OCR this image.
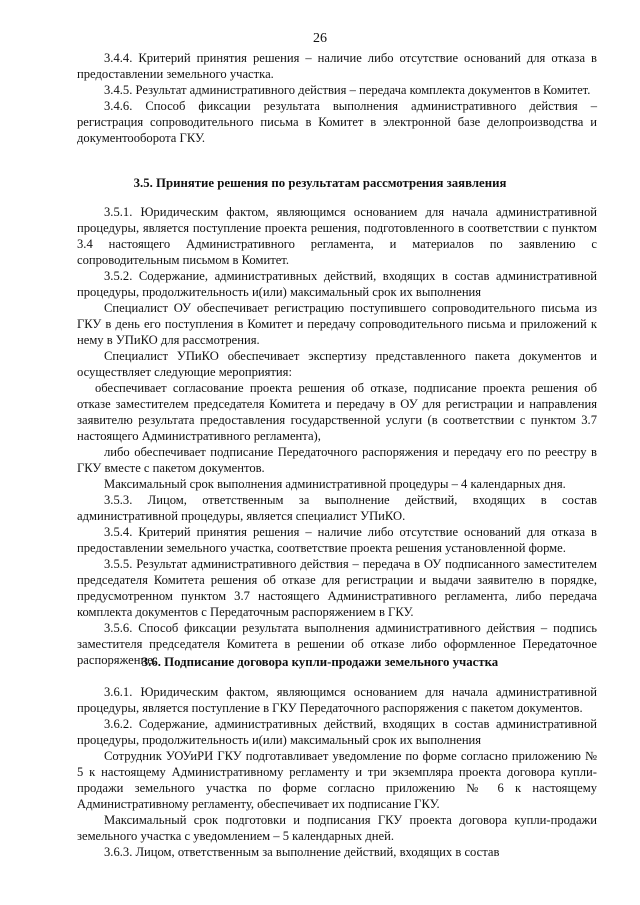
26

3.4.4. Критерий принятия решения – наличие либо отсутствие оснований для отказа в предоставлении земельного участка.

3.4.5. Результат административного действия – передача комплекта документов в Комитет.

3.4.6. Способ фиксации результата выполнения административного действия – регистрация сопроводительного письма в Комитет в электронной базе делопроизводства и документооборота ГКУ.

3.5. Принятие решения по результатам рассмотрения заявления

3.5.1. Юридическим фактом, являющимся основанием для начала административной процедуры, является поступление проекта решения, подготовленного в соответствии с пунктом 3.4 настоящего Административного регламента, и материалов по заявлению с сопроводительным письмом в Комитет.

3.5.2. Содержание, административных действий, входящих в состав административной процедуры, продолжительность и(или) максимальный срок их выполнения

Специалист ОУ обеспечивает регистрацию поступившего сопроводительного письма из ГКУ в день его поступления в Комитет и передачу сопроводительного письма и приложений к нему в УПиКО для рассмотрения.

Специалист УПиКО обеспечивает экспертизу представленного пакета документов и осуществляет следующие мероприятия:

обеспечивает согласование проекта решения об отказе, подписание проекта решения об отказе заместителем председателя Комитета и передачу в ОУ для регистрации и направления заявителю результата предоставления государственной услуги (в соответствии с пунктом 3.7 настоящего Административного регламента),

либо обеспечивает подписание Передаточного распоряжения и передачу его по реестру в ГКУ вместе с пакетом документов.

Максимальный срок выполнения административной процедуры – 4 календарных дня.

3.5.3. Лицом, ответственным за выполнение действий, входящих в состав административной процедуры, является специалист УПиКО.

3.5.4. Критерий принятия решения – наличие либо отсутствие оснований для отказа в предоставлении земельного участка, соответствие проекта решения установленной форме.

3.5.5. Результат административного действия – передача в ОУ подписанного заместителем председателя Комитета решения об отказе для регистрации и выдачи заявителю в порядке, предусмотренном пунктом 3.7 настоящего Административного регламента, либо передача комплекта документов с Передаточным распоряжением в ГКУ.

3.5.6. Способ фиксации результата выполнения административного действия – подпись заместителя председателя Комитета в решении об отказе либо оформленное Передаточное распоряжение.

3.6. Подписание договора купли-продажи земельного участка

3.6.1. Юридическим фактом, являющимся основанием для начала административной процедуры, является поступление в ГКУ Передаточного распоряжения с пакетом документов.

3.6.2. Содержание, административных действий, входящих в состав административной процедуры, продолжительность и(или) максимальный срок их выполнения

Сотрудник УОУиРИ ГКУ подготавливает уведомление по форме согласно приложению № 5 к настоящему Административному регламенту и три экземпляра проекта договора купли-продажи земельного участка по форме согласно приложению № 6 к настоящему Административному регламенту, обеспечивает их подписание ГКУ.

Максимальный срок подготовки и подписания ГКУ проекта договора купли-продажи земельного участка с уведомлением – 5 календарных дней.

3.6.3. Лицом, ответственным за выполнение действий, входящих в состав
